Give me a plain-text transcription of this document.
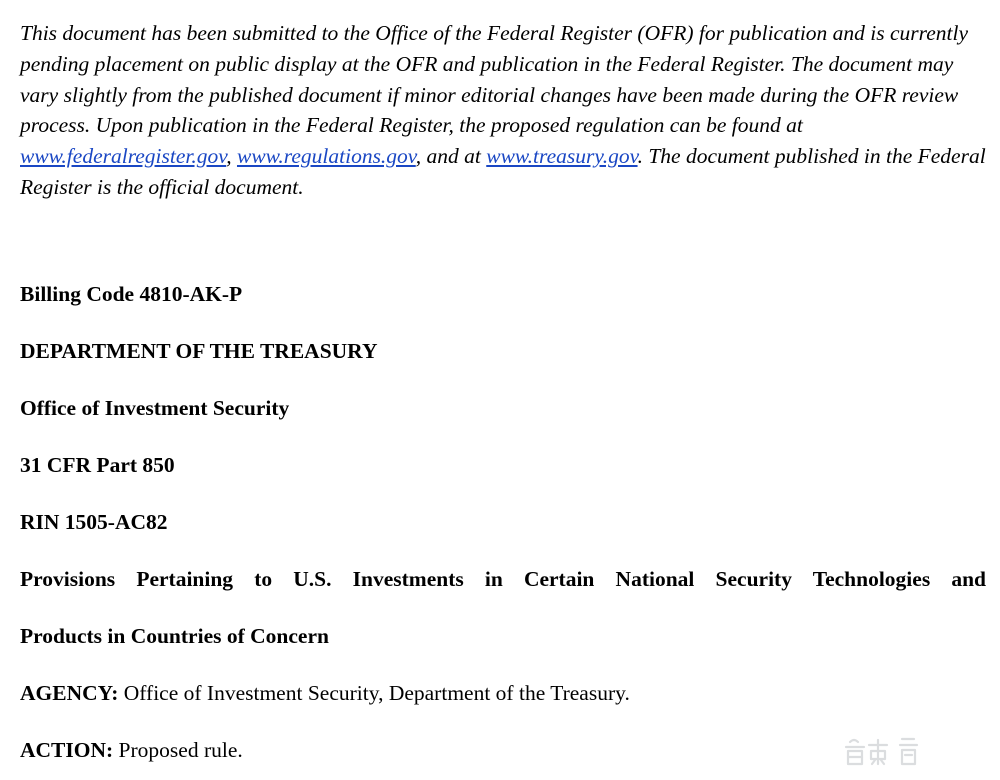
This document has been submitted to the Office of the Federal Register (OFR) for publication and is currently pending placement on public display at the OFR and publication in the Federal Register. The document may vary slightly from the published document if minor editorial changes have been made during the OFR review process. Upon publication in the Federal Register, the proposed regulation can be found at www.federalregister.gov, www.regulations.gov, and at www.treasury.gov. The document published in the Federal Register is the official document.

Billing Code 4810-AK-P

DEPARTMENT OF THE TREASURY

Office of Investment Security

31 CFR Part 850

RIN 1505-AC82

Provisions Pertaining to U.S. Investments in Certain National Security Technologies and

Products in Countries of Concern

AGENCY: Office of Investment Security, Department of the Treasury.

ACTION: Proposed rule.
